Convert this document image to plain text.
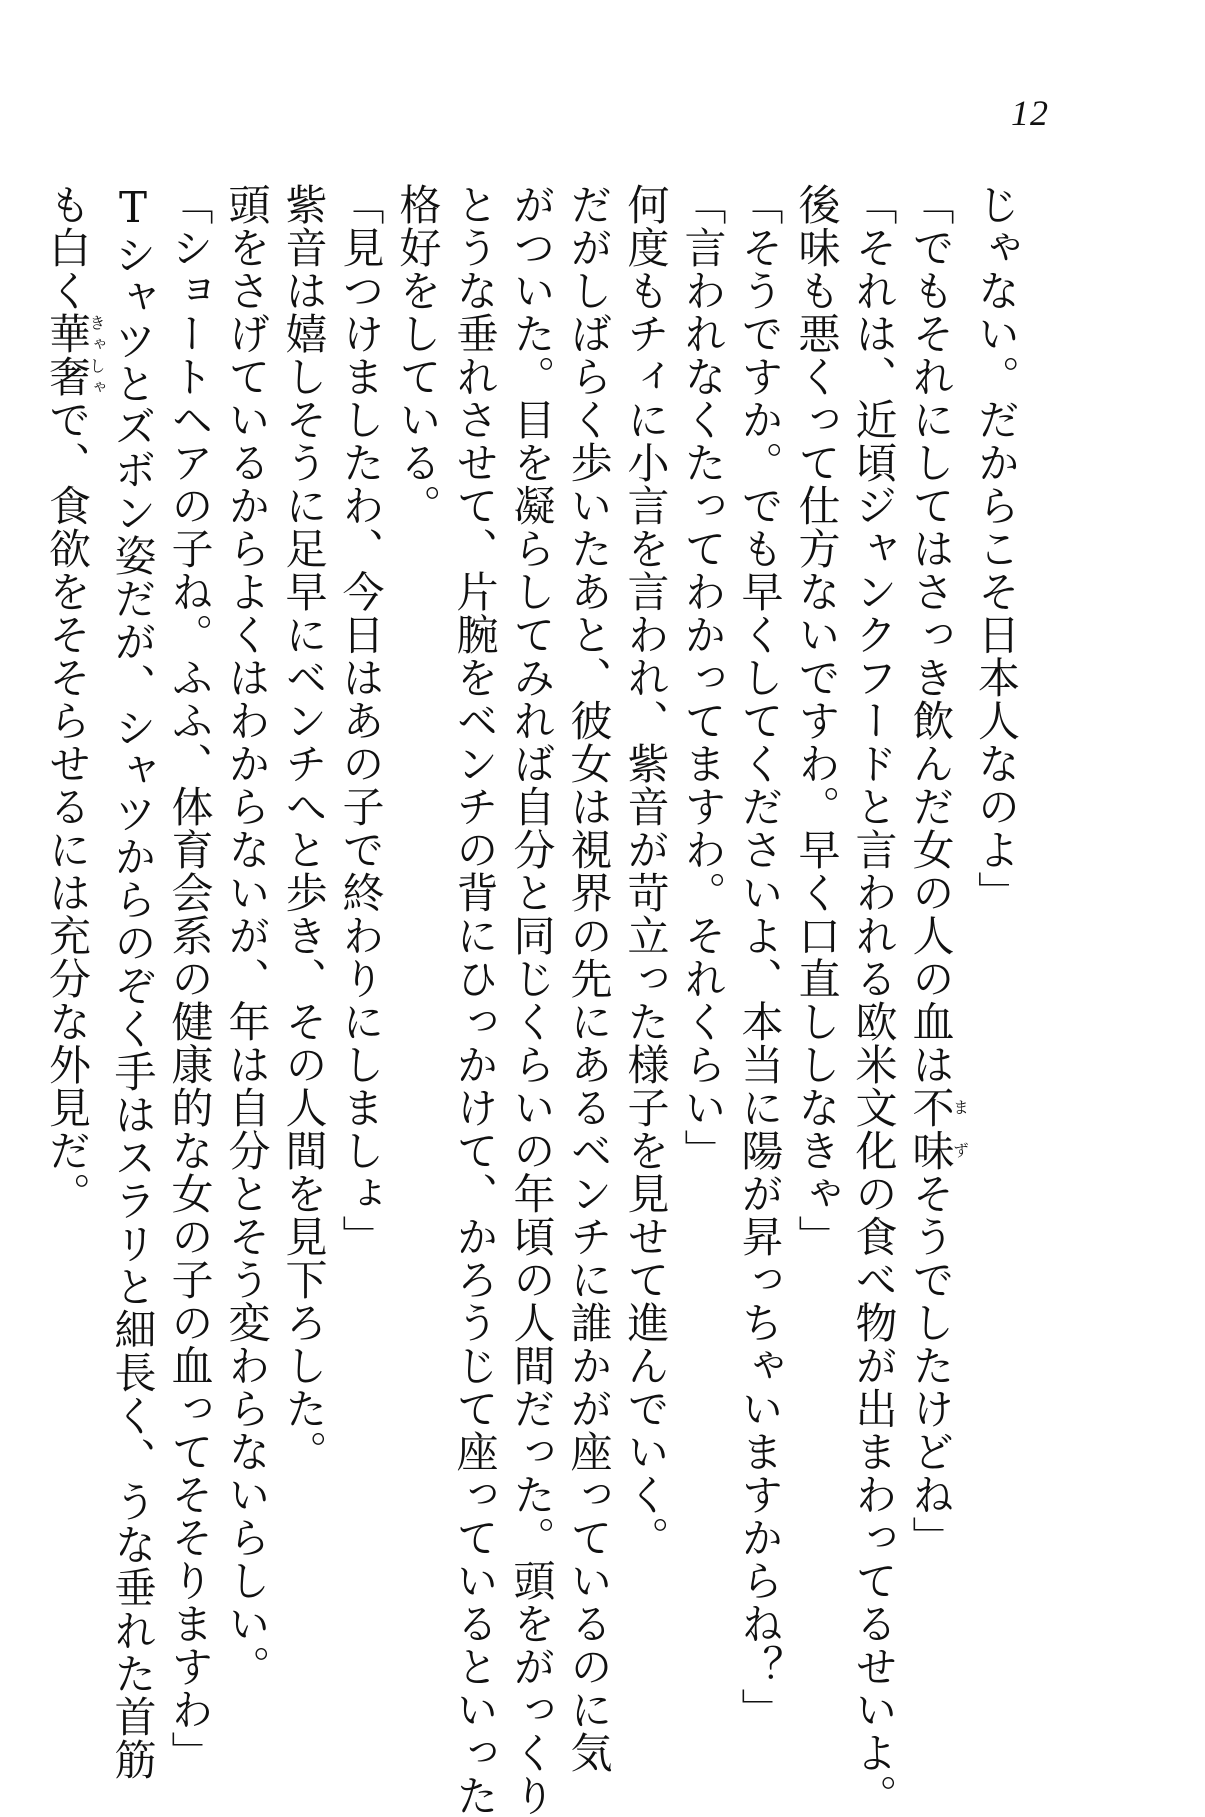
12
じゃない。だからこそ日本人なのよ」
「でもそれにしてはさっき飲んだ女の人の血は不味まずそうでしたけどね」
「それは、近頃ジャンクフードと言われる欧米文化の食べ物が出まわってるせいよ。
後味も悪くって仕方ないですわ。早く口直ししなきゃ」
「そうですか。でも早くしてくださいよ、本当に陽が昇っちゃいますからね？」
「言われなくたってわかってますわ。それくらい」
何度もチィに小言を言われ、紫音が苛立った様子を見せて進んでいく。
だがしばらく歩いたあと、彼女は視界の先にあるベンチに誰かが座っているのに気
がついた。目を凝らしてみれば自分と同じくらいの年頃の人間だった。頭をがっくり
とうな垂れさせて、片腕をベンチの背にひっかけて、かろうじて座っているといった
格好をしている。
「見つけましたわ、今日はあの子で終わりにしましょ」
紫音は嬉しそうに足早にベンチへと歩き、その人間を見下ろした。
頭をさげているからよくはわからないが、年は自分とそう変わらないらしい。
「ショートヘアの子ね。ふふ、体育会系の健康的な女の子の血ってそそりますわ」
Tシャツとズボン姿だが、シャツからのぞく手はスラリと細長く、うな垂れた首筋
も白く華奢きゃしゃで、食欲をそそらせるには充分な外見だ。
